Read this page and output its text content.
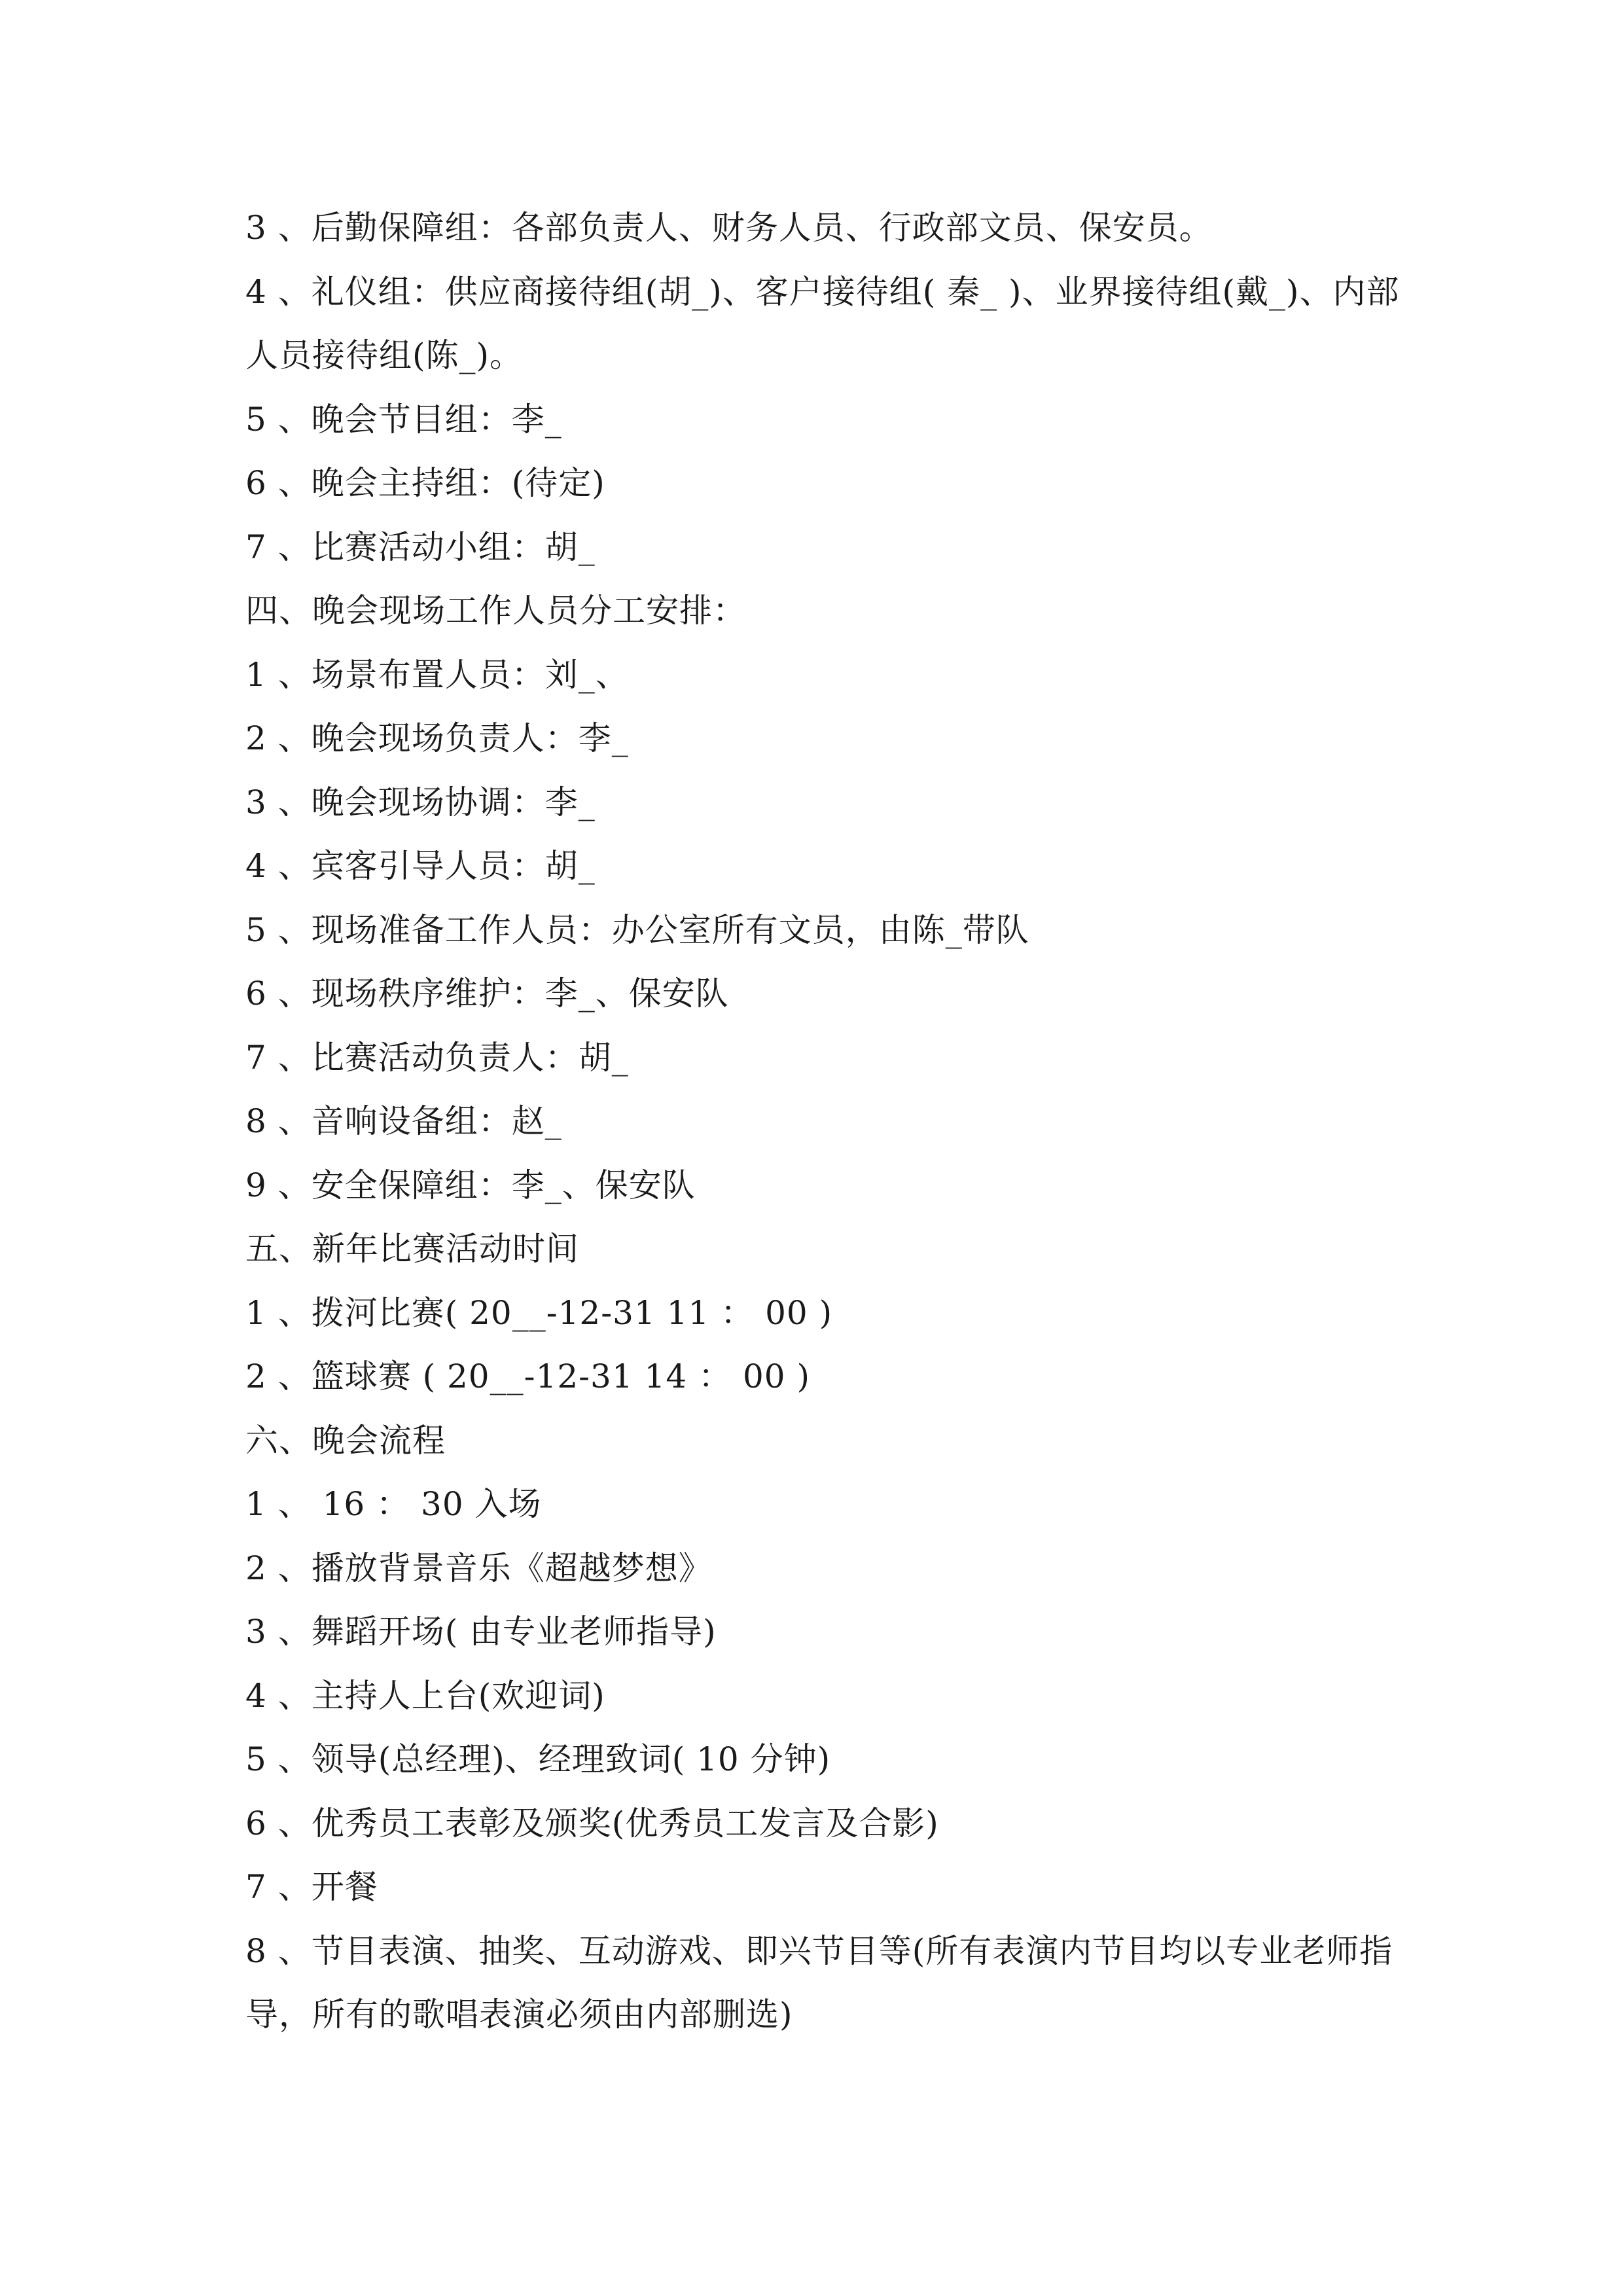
3 、后勤保障组：各部负责人、财务人员、行政部文员、保安员。
4 、礼仪组：供应商接待组(胡_)、客户接待组( 秦_ )、业界接待组(戴_)、内部
人员接待组(陈_)。
5 、晚会节目组：李_
6 、晚会主持组：(待定)
7 、比赛活动小组：胡_
四、晚会现场工作人员分工安排：
1 、场景布置人员：刘_、
2 、晚会现场负责人：李_
3 、晚会现场协调：李_
4 、宾客引导人员：胡_
5 、现场准备工作人员：办公室所有文员，由陈_带队
6 、现场秩序维护：李_、保安队
7 、比赛活动负责人：胡_
8 、音响设备组：赵_
9 、安全保障组：李_、保安队
五、新年比赛活动时间
1 、拨河比赛( 20__-12-31 11 ： 00 )
2 、篮球赛 ( 20__-12-31 14 ： 00 )
六、晚会流程
1 、 16 ： 30 入场
2 、播放背景音乐《超越梦想》
3 、舞蹈开场( 由专业老师指导)
4 、主持人上台(欢迎词)
5 、领导(总经理)、经理致词( 10 分钟)
6 、优秀员工表彰及颁奖(优秀员工发言及合影)
7 、开餐
8 、节目表演、抽奖、互动游戏、即兴节目等(所有表演内节目均以专业老师指
导，所有的歌唱表演必须由内部删选)
